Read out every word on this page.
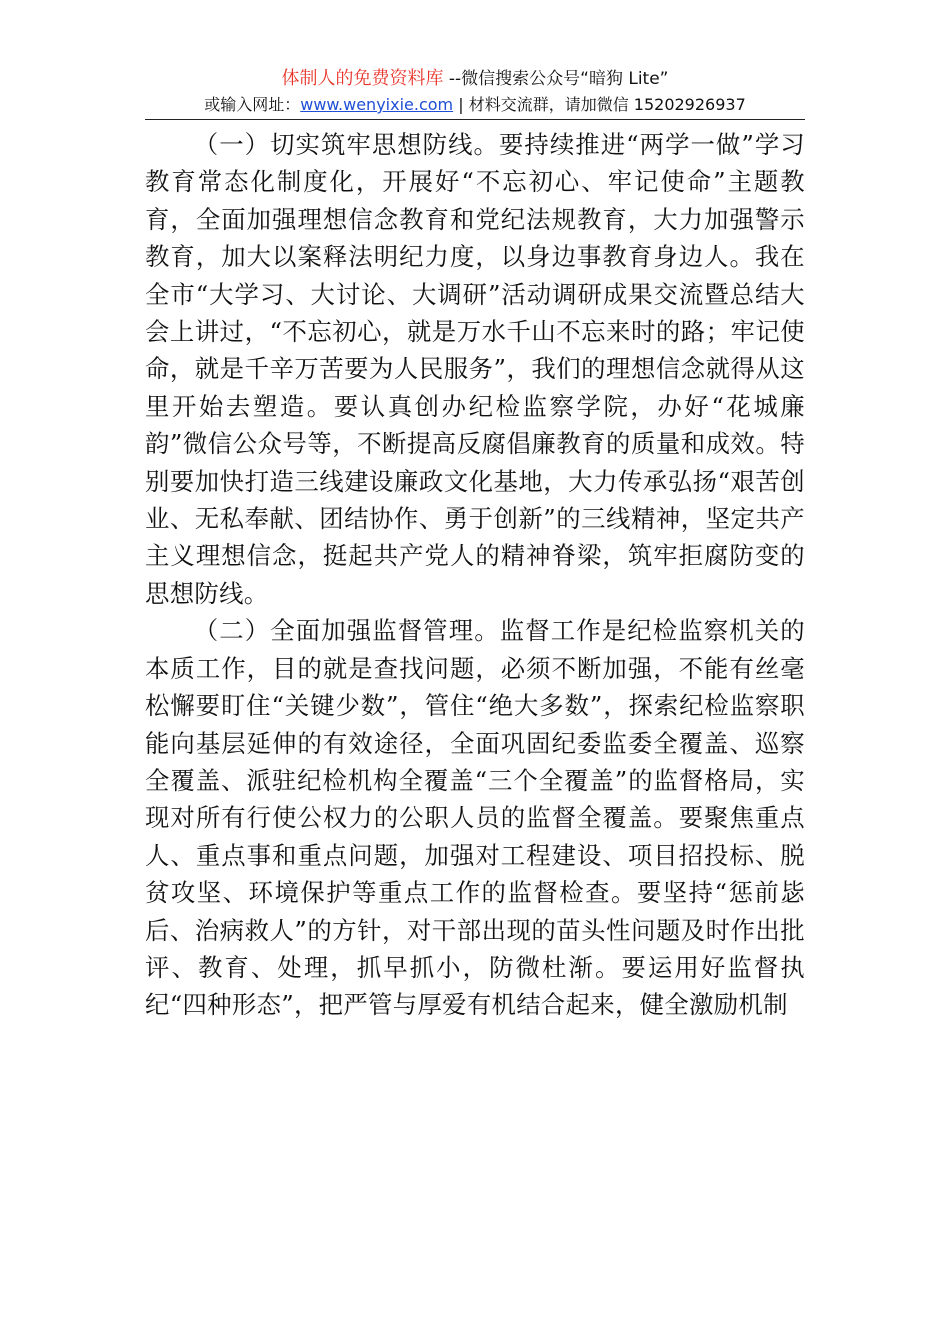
体制人的免费资料库 --微信搜索公众号“暗狗 Lite”
或输入网址：www.wenyixie.com | 材料交流群，请加微信 15202926937

（一）切实筑牢思想防线。要持续推进“两学一做”学习教育常态化制度化，开展好“不忘初心、牢记使命”主题教育，全面加强理想信念教育和党纪法规教育，大力加强警示教育，加大以案释法明纪力度，以身边事教育身边人。我在全市“大学习、大讨论、大调研”活动调研成果交流暨总结大会上讲过，“不忘初心，就是万水千山不忘来时的路；牢记使命，就是千辛万苦要为人民服务”，我们的理想信念就得从这里开始去塑造。要认真创办纪检监察学院，办好“花城廉韵”微信公众号等，不断提高反腐倡廉教育的质量和成效。特别要加快打造三线建设廉政文化基地，大力传承弘扬“艰苦创业、无私奉献、团结协作、勇于创新”的三线精神，坚定共产主义理想信念，挺起共产党人的精神脊梁，筑牢拒腐防变的思想防线。

（二）全面加强监督管理。监督工作是纪检监察机关的本质工作，目的就是查找问题，必须不断加强，不能有丝毫松懈要盯住“关键少数”，管住“绝大多数”，探索纪检监察职能向基层延伸的有效途径，全面巩固纪委监委全覆盖、巡察全覆盖、派驻纪检机构全覆盖“三个全覆盖”的监督格局，实现对所有行使公权力的公职人员的监督全覆盖。要聚焦重点人、重点事和重点问题，加强对工程建设、项目招投标、脱贫攻坚、环境保护等重点工作的监督检查。要坚持“惩前毖后、治病救人”的方针，对干部出现的苗头性问题及时作出批评、教育、处理，抓早抓小，防微杜渐。要运用好监督执纪“四种形态”，把严管与厚爱有机结合起来，健全激励机制
